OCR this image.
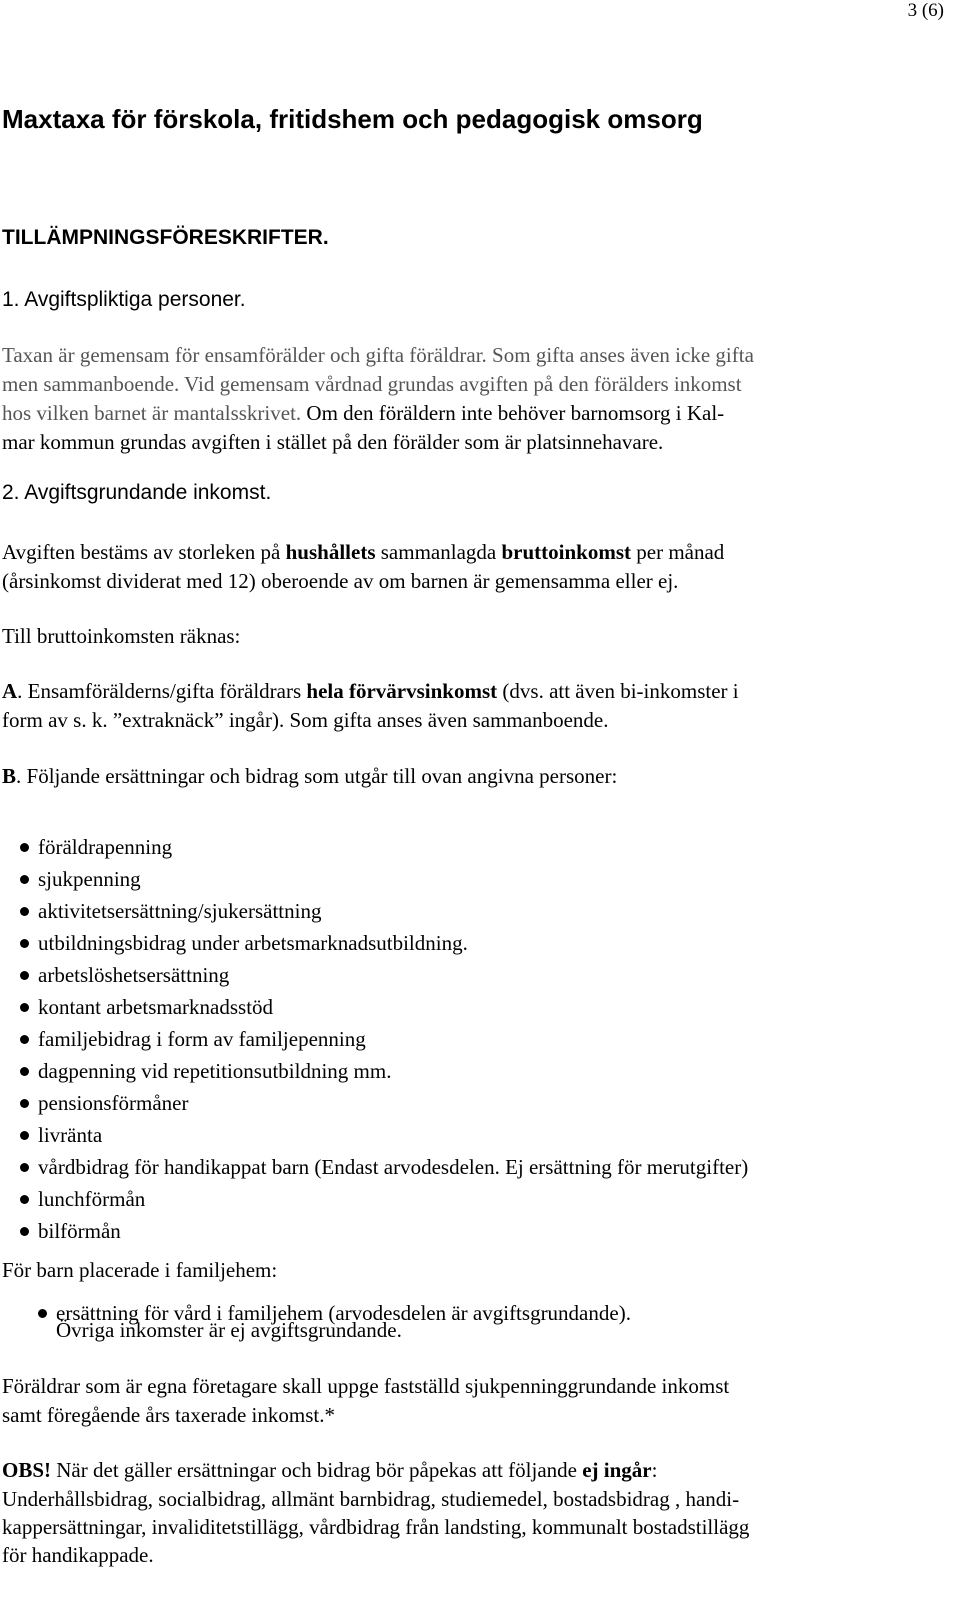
3 (6)
Maxtaxa för förskola, fritidshem och pedagogisk omsorg
TILLÄMPNINGSFÖRESKRIFTER.
1. Avgiftspliktiga personer.
Taxan är gemensam för ensamförälder och gifta föräldrar. Som gifta anses även icke gifta
men sammanboende. Vid gemensam vårdnad grundas avgiften på den förälders inkomst
hos vilken barnet är mantalsskrivet. Om den föräldern inte behöver barnomsorg i Kal-
mar kommun grundas avgiften i stället på den förälder som är platsinnehavare.
2. Avgiftsgrundande inkomst.
Avgiften bestäms av storleken på hushållets sammanlagda bruttoinkomst per månad
(årsinkomst dividerat med 12) oberoende av om barnen är gemensamma eller ej.
Till bruttoinkomsten räknas:
A. Ensamförälderns/gifta föräldrars hela förvärvsinkomst (dvs. att även bi-inkomster i
form av s. k. ”extraknäck” ingår). Som gifta anses även sammanboende.
B. Följande ersättningar och bidrag som utgår till ovan angivna personer:
föräldrapenning
sjukpenning
aktivitetsersättning/sjukersättning
utbildningsbidrag under arbetsmarknadsutbildning.
arbetslöshetsersättning
kontant arbetsmarknadsstöd
familjebidrag i form av familjepenning
dagpenning vid repetitionsutbildning mm.
pensionsförmåner
livränta
vårdbidrag för handikappat barn (Endast arvodesdelen. Ej ersättning för merutgifter)
lunchförmån
bilförmån
För barn placerade i familjehem:
ersättning för vård i familjehem (arvodesdelen är avgiftsgrundande).
Övriga inkomster är ej avgiftsgrundande.
Föräldrar som är egna företagare skall uppge fastställd sjukpenninggrundande inkomst
samt föregående års taxerade inkomst.*
OBS! När det gäller ersättningar och bidrag bör påpekas att följande ej ingår:
Underhållsbidrag, socialbidrag, allmänt barnbidrag, studiemedel, bostadsbidrag , handi-
kappersättningar, invaliditetstillägg, vårdbidrag från landsting, kommunalt bostadstillägg
för handikappade.
